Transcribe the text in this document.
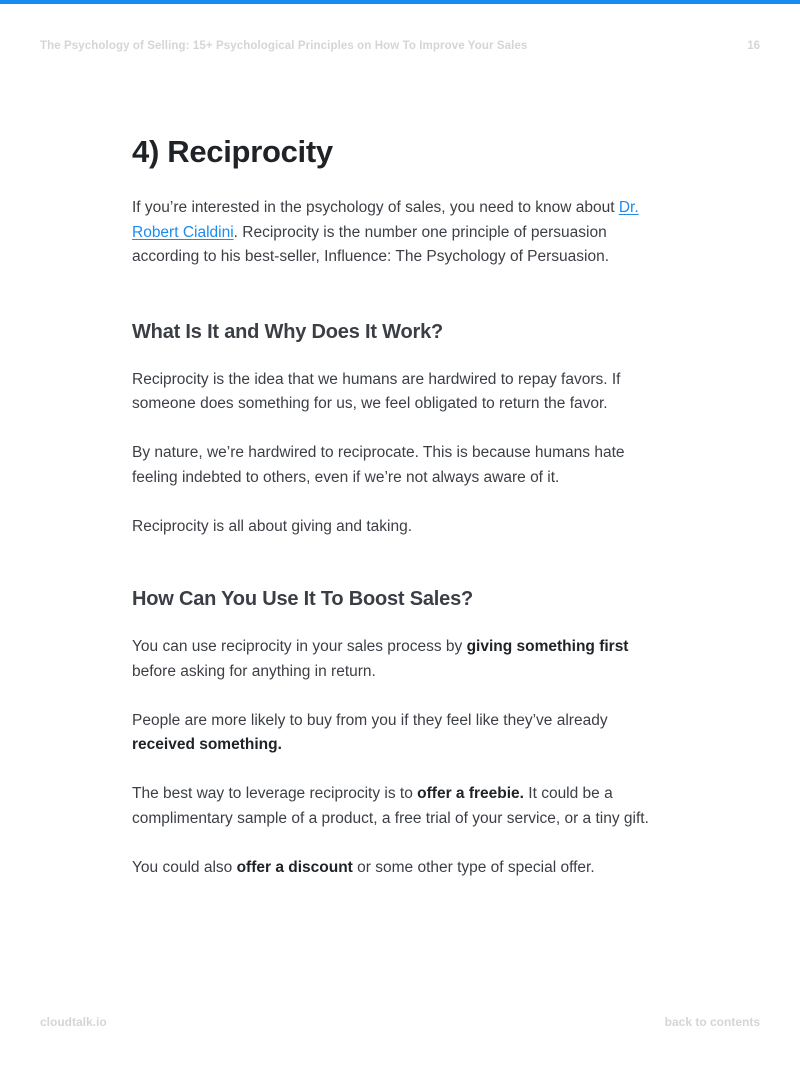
The Psychology of Selling: 15+ Psychological Principles on How To Improve Your Sales	16
4) Reciprocity

If you’re interested in the psychology of sales, you need to know about Dr. Robert Cialdini. Reciprocity is the number one principle of persuasion according to his best-seller, Influence: The Psychology of Persuasion.

What Is It and Why Does It Work?

Reciprocity is the idea that we humans are hardwired to repay favors. If someone does something for us, we feel obligated to return the favor.

By nature, we’re hardwired to reciprocate. This is because humans hate feeling indebted to others, even if we’re not always aware of it.

Reciprocity is all about giving and taking.

How Can You Use It To Boost Sales?

You can use reciprocity in your sales process by giving something first before asking for anything in return.

People are more likely to buy from you if they feel like they’ve already received something.

The best way to leverage reciprocity is to offer a freebie. It could be a complimentary sample of a product, a free trial of your service, or a tiny gift.

You could also offer a discount or some other type of special offer.

cloudtalk.io	back to contents
